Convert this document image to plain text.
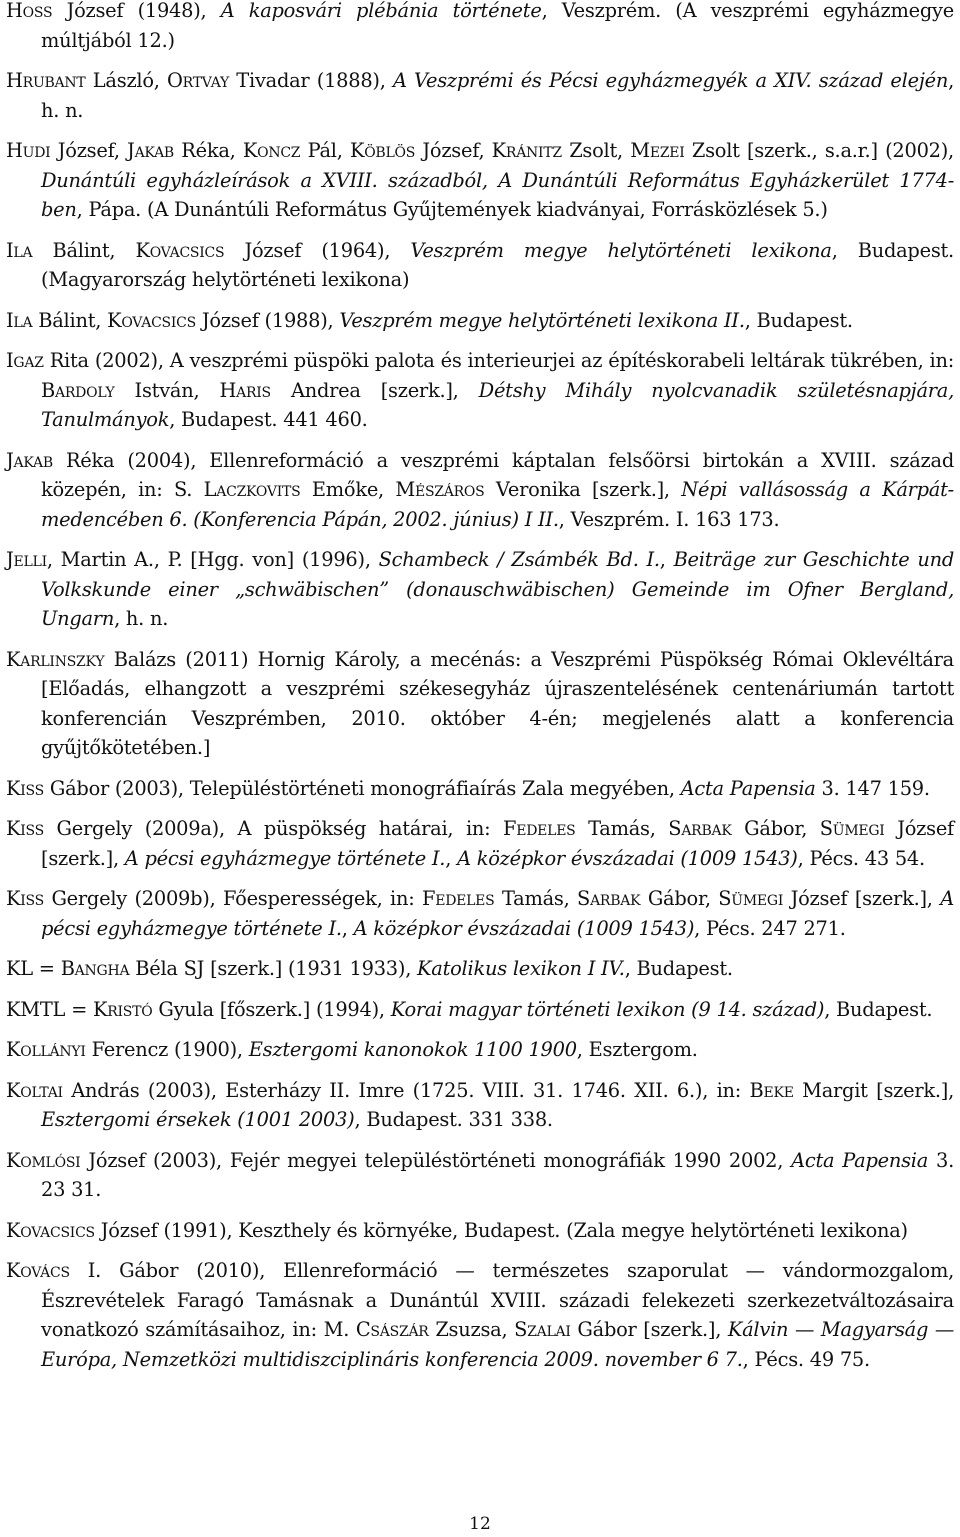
Hoss József (1948), A kaposvári plébánia története, Veszprém. (A veszprémi egyházmegye múltjából 12.)

Hrubant László, Ortvay Tivadar (1888), A Veszprémi és Pécsi egyházmegyék a XIV. század elején, h. n.

Hudi József, Jakab Réka, Koncz Pál, Köblös József, Kránitz Zsolt, Mezei Zsolt [szerk., s.a.r.] (2002), Dunántúli egyházleírások a XVIII. századból, A Dunántúli Református Egyházkerület 1774-ben, Pápa. (A Dunántúli Református Gyűjtemények kiadványai, Forrásközlések 5.)

Ila Bálint, Kovacsics József (1964), Veszprém megye helytörténeti lexikona, Budapest. (Magyarország helytörténeti lexikona)

Ila Bálint, Kovacsics József (1988), Veszprém megye helytörténeti lexikona II., Budapest.

Igaz Rita (2002), A veszprémi püspöki palota és interieurjei az építéskorabeli leltárak tükrében, in: Bardoly István, Haris Andrea [szerk.], Détshy Mihály nyolcvanadik születésnapjára, Tanulmányok, Budapest. 441 460.

Jakab Réka (2004), Ellenreformáció a veszprémi káptalan felsőörsi birtokán a XVIII. század közepén, in: S. Laczkovits Emőke, Mészáros Veronika [szerk.], Népi vallásosság a Kárpát-medencében 6. (Konferencia Pápán, 2002. június) I II., Veszprém. I. 163 173.

Jelli, Martin A., P. [Hgg. von] (1996), Schambeck / Zsámbék Bd. I., Beiträge zur Geschichte und Volkskunde einer „schwäbischen” (donauschwäbischen) Gemeinde im Ofner Bergland, Ungarn, h. n.

Karlinszky Balázs (2011) Hornig Károly, a mecénás: a Veszprémi Püspökség Római Oklevéltára [Előadás, elhangzott a veszprémi székesegyház újraszentelésének centenáriumán tartott konferencián Veszprémben, 2010. október 4-én; megjelenés alatt a konferencia gyűjtőkötetében.]

Kiss Gábor (2003), Településtörténeti monográfiaírás Zala megyében, Acta Papensia 3. 147 159.

Kiss Gergely (2009a), A püspökség határai, in: Fedeles Tamás, Sarbak Gábor, Sümegi József [szerk.], A pécsi egyházmegye története I., A középkor évszázadai (1009 1543), Pécs. 43 54.

Kiss Gergely (2009b), Főesperességek, in: Fedeles Tamás, Sarbak Gábor, Sümegi József [szerk.], A pécsi egyházmegye története I., A középkor évszázadai (1009 1543), Pécs. 247 271.

KL = Bangha Béla SJ [szerk.] (1931 1933), Katolikus lexikon I IV., Budapest.

KMTL = Kristó Gyula [főszerk.] (1994), Korai magyar történeti lexikon (9 14. század), Budapest.

Kollányi Ferencz (1900), Esztergomi kanonokok 1100 1900, Esztergom.

Koltai András (2003), Esterházy II. Imre (1725. VIII. 31. 1746. XII. 6.), in: Beke Margit [szerk.], Esztergomi érsekek (1001 2003), Budapest. 331 338.

Komlósi József (2003), Fejér megyei településtörténeti monográfiák 1990 2002, Acta Papensia 3. 23 31.

Kovacsics József (1991), Keszthely és környéke, Budapest. (Zala megye helytörténeti lexikona)

Kovács I. Gábor (2010), Ellenreformáció — természetes szaporulat — vándormozgalom, Észrevételek Faragó Tamásnak a Dunántúl XVIII. századi felekezeti szerkezetváltozásaira vonatkozó számításaihoz, in: M. Császár Zsuzsa, Szalai Gábor [szerk.], Kálvin — Magyarság — Európa, Nemzetközi multidiszciplináris konferencia 2009. november 6 7., Pécs. 49 75.

12
